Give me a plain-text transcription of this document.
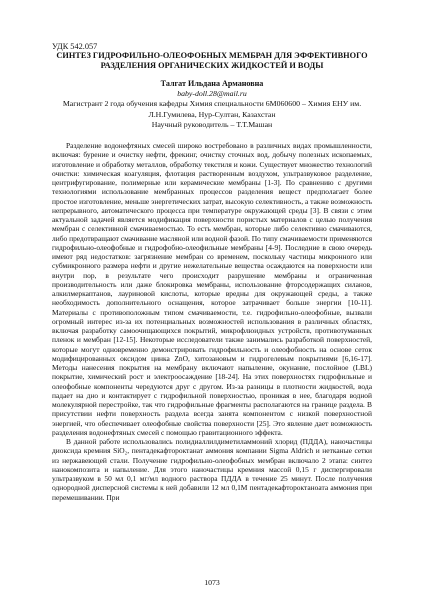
УДК 542.057
СИНТЕЗ ГИДРОФИЛЬНО-ОЛЕОФОБНЫХ МЕМБРАН ДЛЯ ЭФФЕКТИВНОГО
РАЗДЕЛЕНИЯ ОРГАНИЧЕСКИХ ЖИДКОСТЕЙ И ВОДЫ
Талгат Ильдана Армановна
baby-doll.28@mail.ru
Магистрант 2 года обучения кафедры Химия специальности 6М060600 – Химия ЕНУ им.
Л.Н.Гумилева, Нур-Султан, Казахстан
Научный руководитель – Т.Т.Машан

Разделение водонефтяных смесей широко востребовано в различных видах промышленности, включая: бурение и очистку нефти, фрекинг, очистку сточных вод, добычу полезных ископаемых, изготовление и обработку металлов, обработку текстиля и кожи. Существует множество технологий очистки: химическая коагуляция, флотация растворенным воздухом, ультразвуковое разделение, центрифугирование, полимерные или керамические мембраны [1-3]. По сравнению с другими технологиями использование мембранных процессов разделения вещест предполагает более простое изготовление, меньше энергетических затрат, высокую селективность, а также возможность непрерывного, автоматического процесса при температуре окружающей среды [3]. В связи с этим актуальной задачей является модификация поверхности пористых материалов с целью получения мембран с селективной смачиваемостью. То есть мембран, которые либо селективно смачиваются, либо предотвращают смачивание масляной или водной фазой. По типу смачиваемости применяются гидрофильно-олеофобные и гидрофобно-олеофильные мембраны [4-9]. Последние в свою очередь имеют ряд недостатков: загрязнение мембран со временем, поскольку частицы микронного или субмикронного размера нефти и другие нежелательные вещества осаждаются на поверхности или внутри пор, в результате чего происходит разрушение мембраны и ограниченная производительность или даже блокировка мембраны, использование фторсодержащих силанов, алкилмеркаптанов, лауриновой кислоты, которые вредны для окружающей среды, а также необходимость дополнительного оснащения, которое затрачивает больше энергии [10-11]. Материалы с противоположным типом смачиваемости, т.е. гидрофильно-олеофобные, вызвали огромный интерес из-за их потенциальных возможностей использования в различных областях, включая разработку самоочищающихся покрытий, микрофлюидных устройств, противотуманных пленок и мембран [12-15]. Некоторые исследователи также занимались разработкой поверхностей, которые могут одновременно демонстрировать гидрофильность и олеофобность на основе сеток модифицированных оксидом цинка ZnO, хитозановым и гидрогелевым покрытиями [6,16-17]. Методы нанесения покрытия на мембрану включают напыление, окунание, послойное (LBL) покрытие, химический рост и электроосаждение [18-24]. На этих поверхностях гидрофильные и олеофобные компоненты чередуются друг с другом. Из-за разницы в плотности жидкостей, вода падает на дно и контактирует с гидрофильной поверхностью, проникая в нее, благодаря водной молекулярной перестройке, так что гидрофильные фрагменты располагаются на границе раздела. В присутствии нефти поверхность раздела всегда занята компонентом с низкой поверхностной энергией, что обеспечивает олеофобные свойства поверхности [25]. Это явление дает возможность разделения водонефтяных смесей с помощью гравитационного эффекта.

В данной работе использовались полидиаллилдиметиламмоний хлорид (ПДДА), наночастицы диоксида кремния SiO₂, пентадекафтороктанат аммония компании Sigma Aldrich и нетканые сетки из нержавеющей стали. Получение гидрофильно-олеофобных мембран включало 2 этапа: синтез нанокомпозита и напыление. Для этого наночастицы кремния массой 0,15 г диспергировали ультразвуком в 50 мл 0,1 мг/мл водного раствора ПДДА в течение 25 минут. После получения однородной дисперсной системы к ней добавили 12 мл 0,1М пентадекафтороктаноата аммония при перемешивании. При

1073
